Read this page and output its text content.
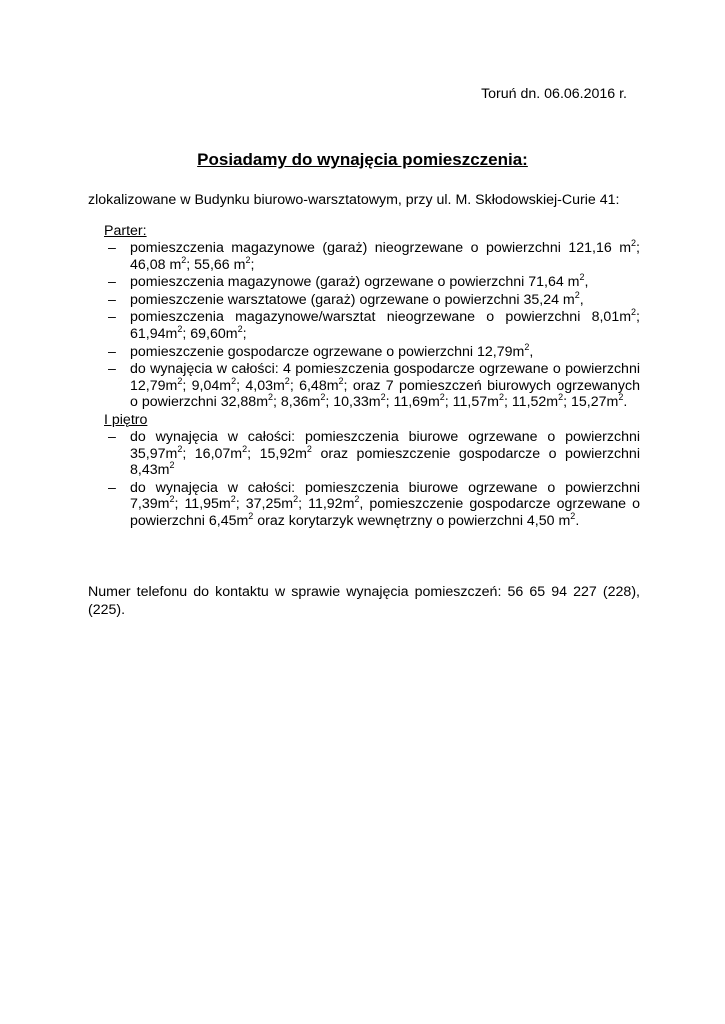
Toruń dn. 06.06.2016 r.
Posiadamy do wynajęcia pomieszczenia:
zlokalizowane w Budynku biurowo-warsztatowym, przy ul. M. Skłodowskiej-Curie 41:
Parter:
– pomieszczenia magazynowe (garaż) nieogrzewane o powierzchni 121,16 $m^2$; 46,08 $m^2$; 55,66 $m^2$;
– pomieszczenia magazynowe (garaż) ogrzewane o powierzchni 71,64 $m^2$,
– pomieszczenie warsztatowe (garaż) ogrzewane o powierzchni 35,24 $m^2$,
– pomieszczenia magazynowe/warsztat nieogrzewane o powierzchni $8,01m^2$; $61,94m^2$; $69,60m^2$;
– pomieszczenie gospodarcze ogrzewane o powierzchni $12,79m^2$,
– do wynajęcia w całości: 4 pomieszczenia gospodarcze ogrzewane o powierzchni $12,79m^2$; $9,04m^2$; $4,03m^2$; $6,48m^2$; oraz 7 pomieszczeń biurowych ogrzewanych o powierzchni $32,88m^2$; $8,36m^2$; $10,33m^2$; $11,69m^2$; $11,57m^2$; $11,52m^2$; $15,27m^2$.
I piętro
– do wynajęcia w całości: pomieszczenia biurowe ogrzewane o powierzchni $35,97m^2$; $16,07m^2$; $15,92m^2$ oraz pomieszczenie gospodarcze o powierzchni $8,43m^2$
– do wynajęcia w całości: pomieszczenia biurowe ogrzewane o powierzchni $7,39m^2$; $11,95m^2$; $37,25m^2$; $11,92m^2$, pomieszczenie gospodarcze ogrzewane o powierzchni $6,45m^2$ oraz korytarzyk wewnętrzny o powierzchni 4,50 $m^2$.
Numer telefonu do kontaktu w sprawie wynajęcia pomieszczeń: 56 65 94 227 (228), (225).
